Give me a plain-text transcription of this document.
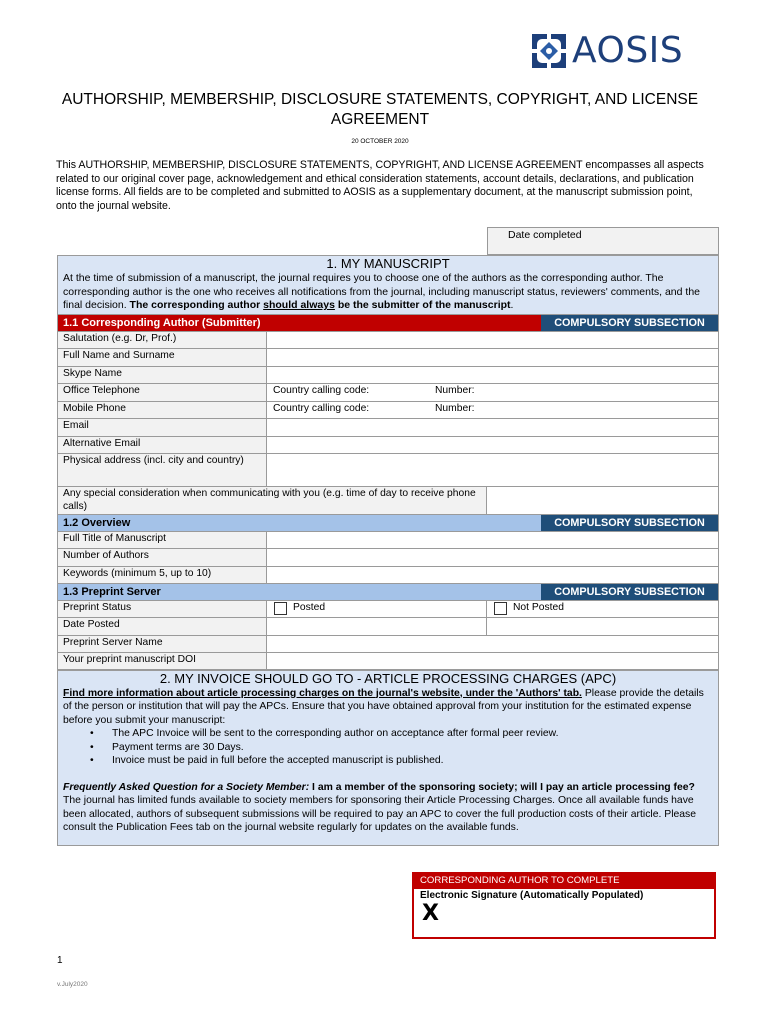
AOSIS
AUTHORSHIP, MEMBERSHIP, DISCLOSURE STATEMENTS, COPYRIGHT, AND LICENSE AGREEMENT
20 OCTOBER 2020
This AUTHORSHIP, MEMBERSHIP, DISCLOSURE STATEMENTS, COPYRIGHT, AND LICENSE AGREEMENT encompasses all aspects related to our original cover page, acknowledgement and ethical consideration statements, account details, declarations, and publication license forms. All fields are to be completed and submitted to AOSIS as a supplementary document, at the manuscript submission point, onto the journal website.
Date completed
1. MY MANUSCRIPT
At the time of submission of a manuscript, the journal requires you to choose one of the authors as the corresponding author. The corresponding author is the one who receives all notifications from the journal, including manuscript status, reviewers' comments, and the final decision. The corresponding author should always be the submitter of the manuscript.
1.1 Corresponding Author (Submitter)	COMPULSORY SUBSECTION
Salutation (e.g. Dr, Prof.)
Full Name and Surname
Skype Name
Office Telephone	Country calling code:	Number:
Mobile Phone	Country calling code:	Number:
Email
Alternative Email
Physical address (incl. city and country)
Any special consideration when communicating with you (e.g. time of day to receive phone calls)
1.2 Overview	COMPULSORY SUBSECTION
Full Title of Manuscript
Number of Authors
Keywords (minimum 5, up to 10)
1.3 Preprint Server	COMPULSORY SUBSECTION
Preprint Status	Posted	Not Posted
Date Posted
Preprint Server Name
Your preprint manuscript DOI
2. MY INVOICE SHOULD GO TO - ARTICLE PROCESSING CHARGES (APC)
Find more information about article processing charges on the journal's website, under the 'Authors' tab. Please provide the details of the person or institution that will pay the APCs. Ensure that you have obtained approval from your institution for the estimated expense before you submit your manuscript:
•	The APC Invoice will be sent to the corresponding author on acceptance after formal peer review.
•	Payment terms are 30 Days.
•	Invoice must be paid in full before the accepted manuscript is published.
Frequently Asked Question for a Society Member: I am a member of the sponsoring society; will I pay an article processing fee? The journal has limited funds available to society members for sponsoring their Article Processing Charges. Once all available funds have been allocated, authors of subsequent submissions will be required to pay an APC to cover the full production costs of their article. Please consult the Publication Fees tab on the journal website regularly for updates on the available funds.
CORRESPONDING AUTHOR TO COMPLETE
Electronic Signature (Automatically Populated)
X
1
v.July2020
